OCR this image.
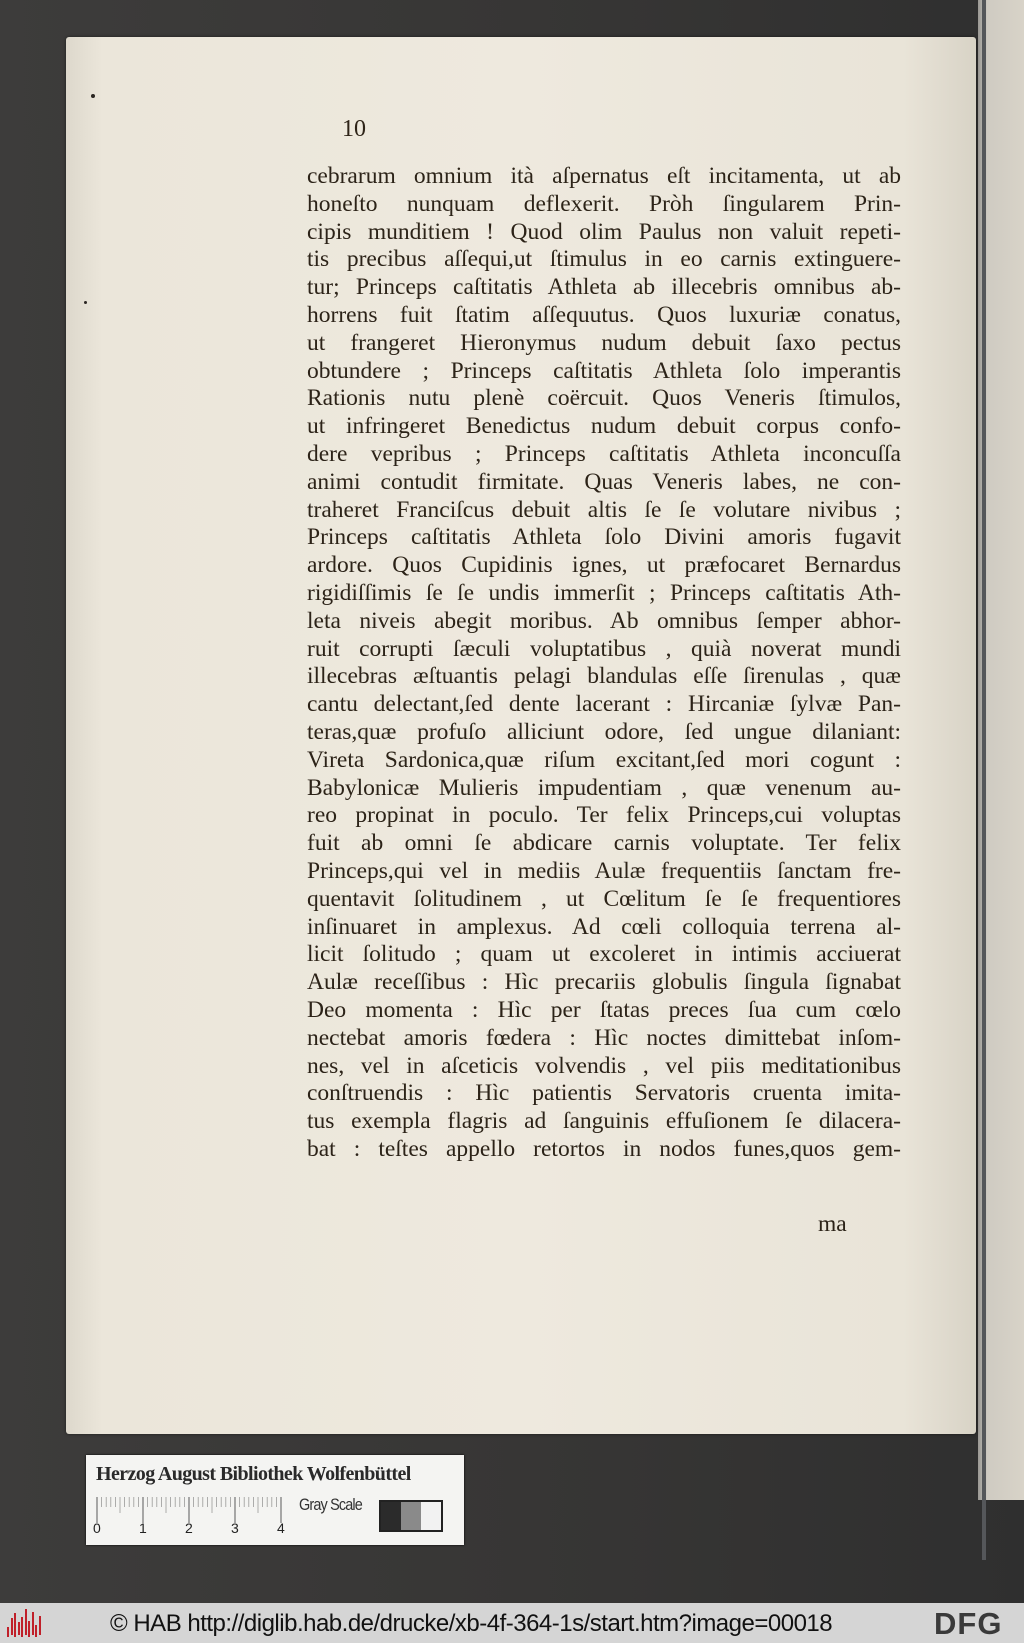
10
cebrarum omnium ità aſpernatus eſt incitamenta, ut ab
honeſto nunquam deflexerit. Pròh ſingularem Prin-
cipis munditiem ! Quod olim Paulus non valuit repeti-
tis precibus aſſequi,ut ſtimulus in eo carnis extinguere-
tur; Princeps caſtitatis Athleta ab illecebris omnibus ab-
horrens fuit ſtatim aſſequutus. Quos luxuriæ conatus,
ut frangeret Hieronymus nudum debuit ſaxo pectus
obtundere ; Princeps caſtitatis Athleta ſolo imperantis
Rationis nutu plenè coërcuit. Quos Veneris ſtimulos,
ut infringeret Benedictus nudum debuit corpus confo-
dere vepribus ; Princeps caſtitatis Athleta inconcuſſa
animi contudit firmitate. Quas Veneris labes, ne con-
traheret Franciſcus debuit altis ſe ſe volutare nivibus ;
Princeps caſtitatis Athleta ſolo Divini amoris fugavit
ardore. Quos Cupidinis ignes, ut præfocaret Bernardus
rigidiſſimis ſe ſe undis immerſit ; Princeps caſtitatis Ath-
leta niveis abegit moribus. Ab omnibus ſemper abhor-
ruit corrupti ſæculi voluptatibus , quià noverat mundi
illecebras æſtuantis pelagi blandulas eſſe ſirenulas , quæ
cantu delectant,ſed dente lacerant : Hircaniæ ſylvæ Pan-
teras,quæ profuſo alliciunt odore, ſed ungue dilaniant:
Vireta Sardonica,quæ riſum excitant,ſed mori cogunt :
Babylonicæ Mulieris impudentiam , quæ venenum au-
reo propinat in poculo. Ter felix Princeps,cui voluptas
fuit ab omni ſe abdicare carnis voluptate. Ter felix
Princeps,qui vel in mediis Aulæ frequentiis ſanctam fre-
quentavit ſolitudinem , ut Cœlitum ſe ſe frequentiores
inſinuaret in amplexus. Ad cœli colloquia terrena al-
licit ſolitudo ; quam ut excoleret in intimis acciuerat
Aulæ receſſibus : Hìc precariis globulis ſingula ſignabat
Deo momenta : Hìc per ſtatas preces ſua cum cœlo
nectebat amoris fœdera : Hìc noctes dimittebat inſom-
nes, vel in aſceticis volvendis , vel piis meditationibus
conſtruendis : Hìc patientis Servatoris cruenta imita-
tus exempla flagris ad ſanguinis effuſionem ſe dilacera-
bat : teſtes appello retortos in nodos funes,quos gem-
ma
Herzog August Bibliothek Wolfenbüttel
0	1	2	3	4
Gray Scale
© HAB http://diglib.hab.de/drucke/xb-4f-364-1s/start.htm?image=00018	DFG
